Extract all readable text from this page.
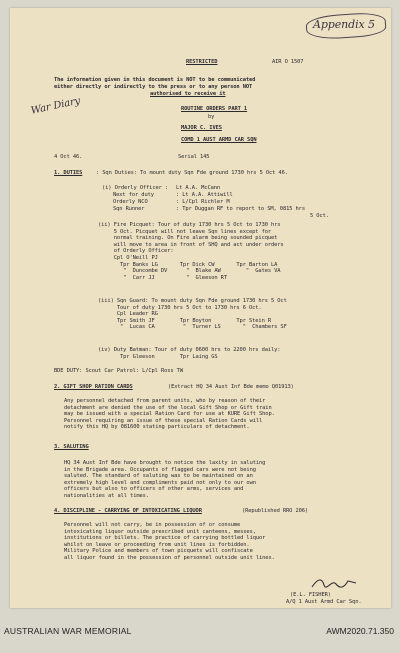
Appendix 5
War Diary
RESTRICTED	AIR O 1507
The information given in this document is NOT to be communicated
either directly or indirectly to the press or to any person NOT
authorised to receive it
ROUTINE ORDERS PART 1
by
MAJOR C. IVES
COMD 1 AUST ARMD CAR SQN
4 Oct 46.	Serial 145
1. DUTIES	: Sqn Duties: To mount duty Sqn Fde ground 1730 hrs 5 Oct 46.
(i) Orderly Officer : Lt A.A. McCann
Next for duty	: Lt A.A. Attiwill
Orderly NCO	: L/Cpl Richler M
Sqn Runner	: Tpr Duggan RF to report to SM, 0815 hrs
5 Oct.
(ii) Fire Picquet: Tour of duty 1730 hrs 5 Oct to 1730 hrs
5 Oct. Picquet will not leave Sqn lines except for
normal training. On Fire alarm being sounded picquet
will move to area in front of SHQ and act under orders
of Orderly Officer:
Cpl O'Neill PJ
Tpr Banks LG       Tpr Dick CW       Tpr Barton LA
"  Duncombe DV      "  Blake AW        "  Gates VA
"  Carr JJ          "  Gleeson RT
(iii) Sqn Guard: To mount duty Sqn Fde ground 1730 hrs 5 Oct
Tour of duty 1730 hrs 5 Oct to 1730 hrs 6 Oct.
Cpl Leader RG
Tpr Smith JF        Tpr Boyton        Tpr Stein R
"  Lucas CA         "  Turner LS       "  Chambers SF
(iv) Duty Batman: Tour of duty 0600 hrs to 2200 hrs daily:
Tpr Gleeson        Tpr Laing GS
BDE DUTY: Scout Car Patrol: L/Cpl Ross TW
2. GIFT SHOP RATION CARDS	(Extract HQ 34 Aust Inf Bde memo Q01913)
Any personnel detached from parent units, who by reason of their
detachment are denied the use of the local Gift Shop or Gift train
may be issued with a special Ration Card for use at KURE Gift Shop.
Personnel requiring an issue of these special Ration Cards will
notify this HQ by 081600 stating particulars of detachment.
3. SALUTING
HQ 34 Aust Inf Bde have brought to notice the laxity in saluting
in the Brigade area. Occupants of flagged cars were not being
saluted. The standard of saluting was to be maintained on an
extremely high level and compliments paid not only to our own
officers but also to officers of other arms, services and
nationalities at all times.
4. DISCIPLINE - CARRYING OF INTOXICATING LIQUOR	(Republished RRO 206)
Personnel will not carry, be in possession of or consume
intoxicating liquor outside prescribed unit canteens, messes,
institutions or billets. The practice of carrying bottled liquor
whilst on leave or proceeding from unit lines is forbidden.
Military Police and members of town picquets will confiscate
all liquor found in the possession of personnel outside unit lines.
(E.L. FISHER)
A/Q 1 Aust Armd Car Sqn.
AUSTRALIAN WAR MEMORIAL	AWM2020.71.350
